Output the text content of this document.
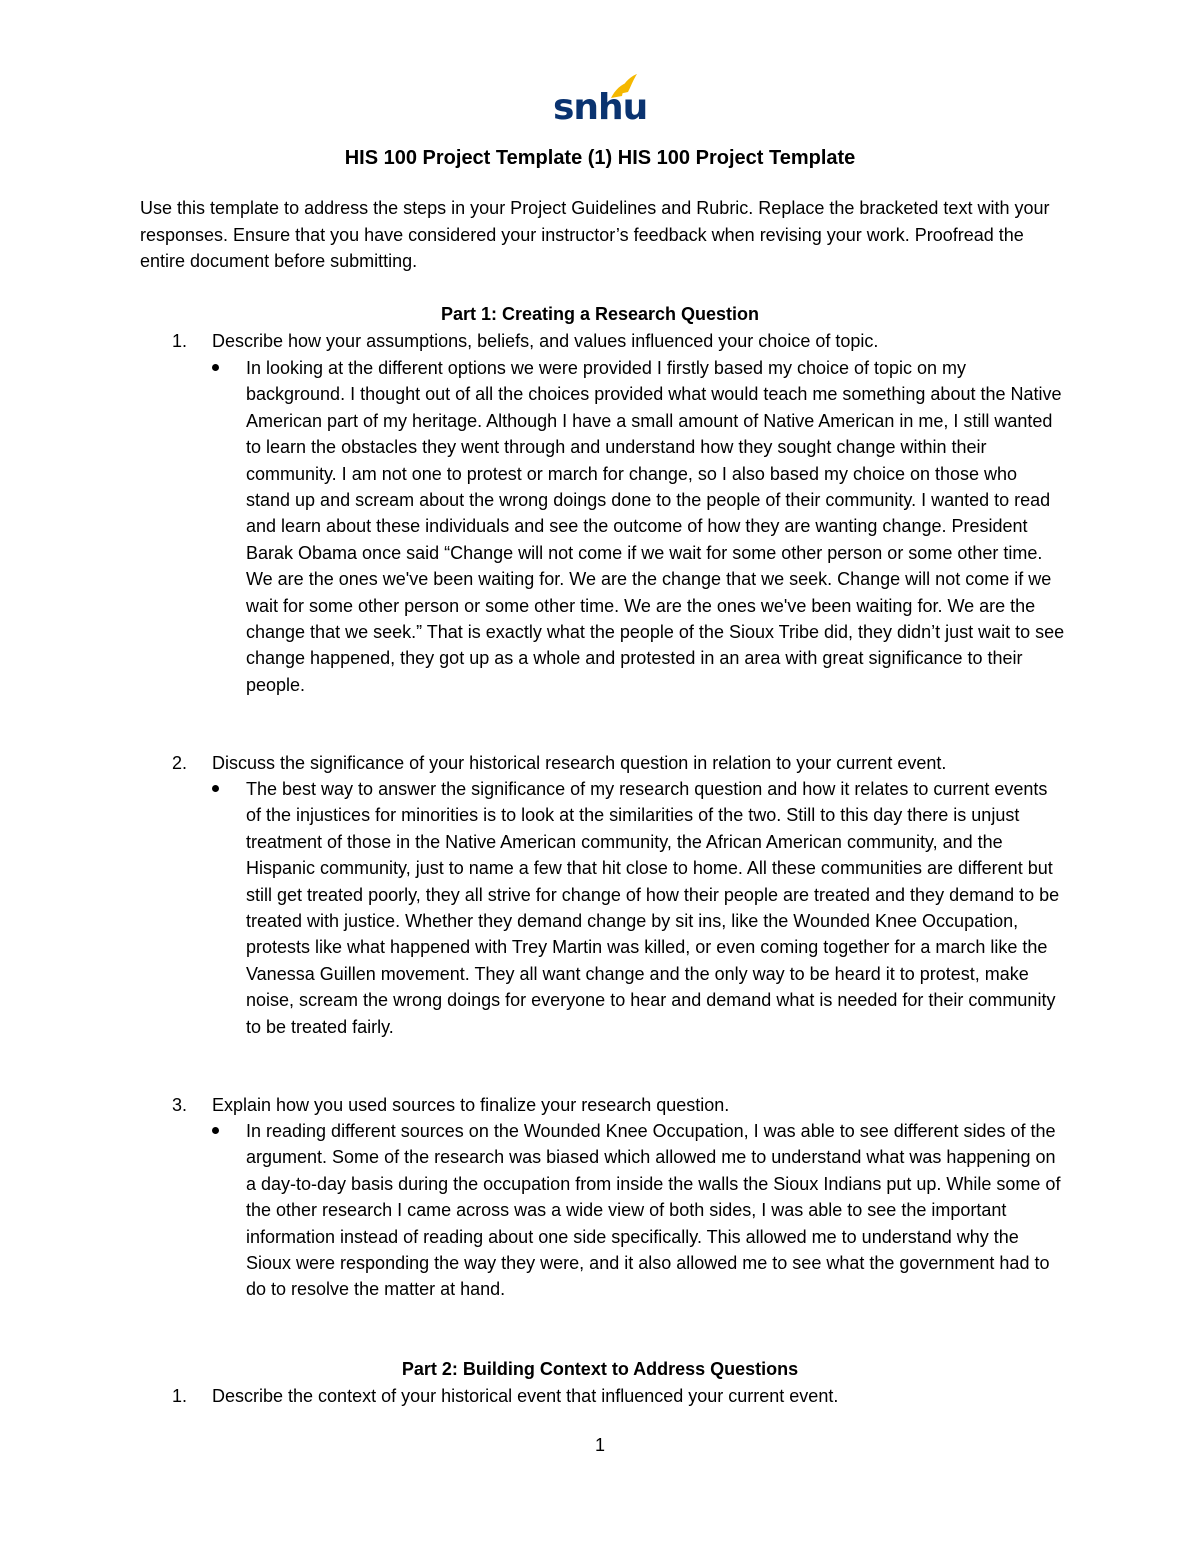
snhu
HIS 100 Project Template (1) HIS 100 Project Template
Use this template to address the steps in your Project Guidelines and Rubric. Replace the bracketed text with your responses. Ensure that you have considered your instructor’s feedback when revising your work. Proofread the entire document before submitting.
Part 1: Creating a Research Question
1.	Describe how your assumptions, beliefs, and values influenced your choice of topic.
In looking at the different options we were provided I firstly based my choice of topic on my background. I thought out of all the choices provided what would teach me something about the Native American part of my heritage. Although I have a small amount of Native American in me, I still wanted to learn the obstacles they went through and understand how they sought change within their community. I am not one to protest or march for change, so I also based my choice on those who stand up and scream about the wrong doings done to the people of their community. I wanted to read and learn about these individuals and see the outcome of how they are wanting change. President Barak Obama once said “Change will not come if we wait for some other person or some other time. We are the ones we've been waiting for. We are the change that we seek. Change will not come if we wait for some other person or some other time. We are the ones we've been waiting for. We are the change that we seek.” That is exactly what the people of the Sioux Tribe did, they didn’t just wait to see change happened, they got up as a whole and protested in an area with great significance to their people.
2.	Discuss the significance of your historical research question in relation to your current event.
The best way to answer the significance of my research question and how it relates to current events of the injustices for minorities is to look at the similarities of the two. Still to this day there is unjust treatment of those in the Native American community, the African American community, and the Hispanic community, just to name a few that hit close to home. All these communities are different but still get treated poorly, they all strive for change of how their people are treated and they demand to be treated with justice. Whether they demand change by sit ins, like the Wounded Knee Occupation, protests like what happened with Trey Martin was killed, or even coming together for a march like the Vanessa Guillen movement. They all want change and the only way to be heard it to protest, make noise, scream the wrong doings for everyone to hear and demand what is needed for their community to be treated fairly.
3.	Explain how you used sources to finalize your research question.
In reading different sources on the Wounded Knee Occupation, I was able to see different sides of the argument. Some of the research was biased which allowed me to understand what was happening on a day-to-day basis during the occupation from inside the walls the Sioux Indians put up. While some of the other research I came across was a wide view of both sides, I was able to see the important information instead of reading about one side specifically. This allowed me to understand why the Sioux were responding the way they were, and it also allowed me to see what the government had to do to resolve the matter at hand.
Part 2: Building Context to Address Questions
1.	Describe the context of your historical event that influenced your current event.
1
